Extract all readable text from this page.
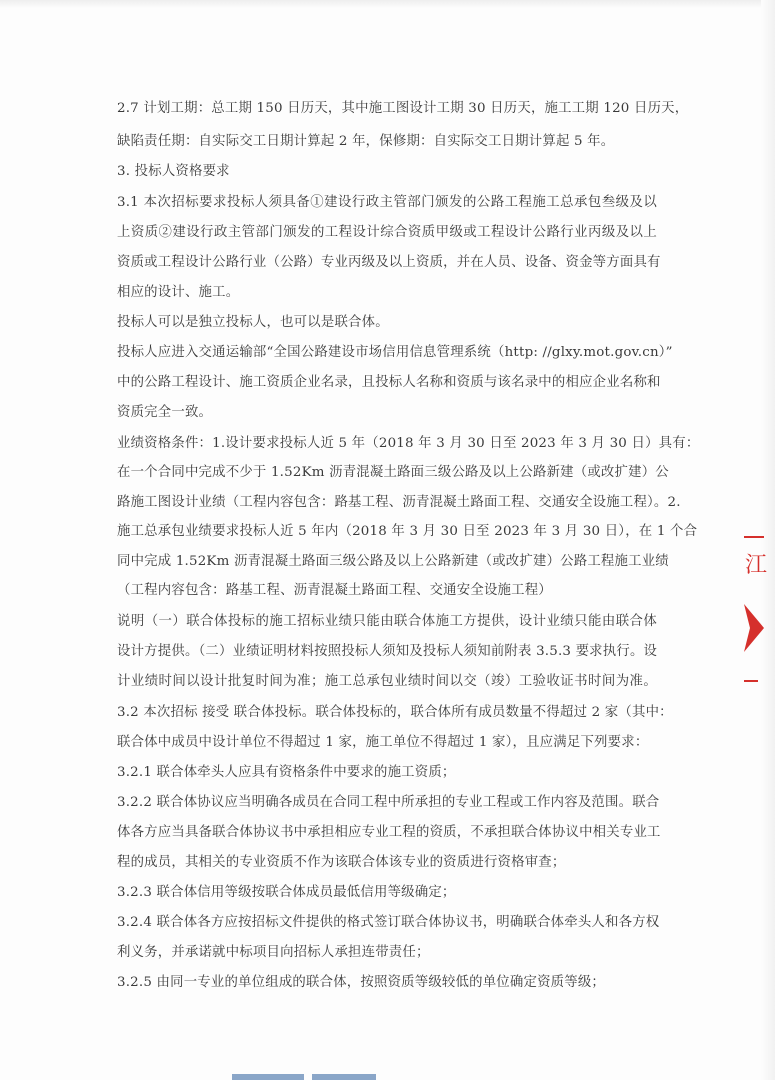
2.7 计划工期：总工期 150 日历天，其中施工图设计工期 30 日历天，施工工期 120 日历天，
缺陷责任期：自实际交工日期计算起 2 年，保修期：自实际交工日期计算起 5 年。
3. 投标人资格要求
3.1 本次招标要求投标人须具备①建设行政主管部门颁发的公路工程施工总承包叁级及以
上资质②建设行政主管部门颁发的工程设计综合资质甲级或工程设计公路行业丙级及以上
资质或工程设计公路行业（公路）专业丙级及以上资质，并在人员、设备、资金等方面具有
相应的设计、施工。
投标人可以是独立投标人，也可以是联合体。
投标人应进入交通运输部“全国公路建设市场信用信息管理系统（http: //glxy.mot.gov.cn）”
中的公路工程设计、施工资质企业名录，且投标人名称和资质与该名录中的相应企业名称和
资质完全一致。
业绩资格条件：1.设计要求投标人近 5 年（2018 年 3 月 30 日至 2023 年 3 月 30 日）具有：
在一个合同中完成不少于 1.52Km 沥青混凝土路面三级公路及以上公路新建（或改扩建）公
路施工图设计业绩（工程内容包含：路基工程、沥青混凝土路面工程、交通安全设施工程）。2.
施工总承包业绩要求投标人近 5 年内（2018 年 3 月 30 日至 2023 年 3 月 30 日），在 1 个合
同中完成 1.52Km 沥青混凝土路面三级公路及以上公路新建（或改扩建）公路工程施工业绩
（工程内容包含：路基工程、沥青混凝土路面工程、交通安全设施工程）
说明（一）联合体投标的施工招标业绩只能由联合体施工方提供，设计业绩只能由联合体
设计方提供。（二）业绩证明材料按照投标人须知及投标人须知前附表 3.5.3 要求执行。设
计业绩时间以设计批复时间为准；施工总承包业绩时间以交（竣）工验收证书时间为准。
3.2 本次招标 接受 联合体投标。联合体投标的，联合体所有成员数量不得超过 2 家（其中：
联合体中成员中设计单位不得超过 1 家，施工单位不得超过 1 家），且应满足下列要求：
3.2.1 联合体牵头人应具有资格条件中要求的施工资质；
3.2.2 联合体协议应当明确各成员在合同工程中所承担的专业工程或工作内容及范围。联合
体各方应当具备联合体协议书中承担相应专业工程的资质，不承担联合体协议中相关专业工
程的成员，其相关的专业资质不作为该联合体该专业的资质进行资格审查；
3.2.3 联合体信用等级按联合体成员最低信用等级确定；
3.2.4 联合体各方应按招标文件提供的格式签订联合体协议书，明确联合体牵头人和各方权
利义务，并承诺就中标项目向招标人承担连带责任；
3.2.5 由同一专业的单位组成的联合体，按照资质等级较低的单位确定资质等级；
江
